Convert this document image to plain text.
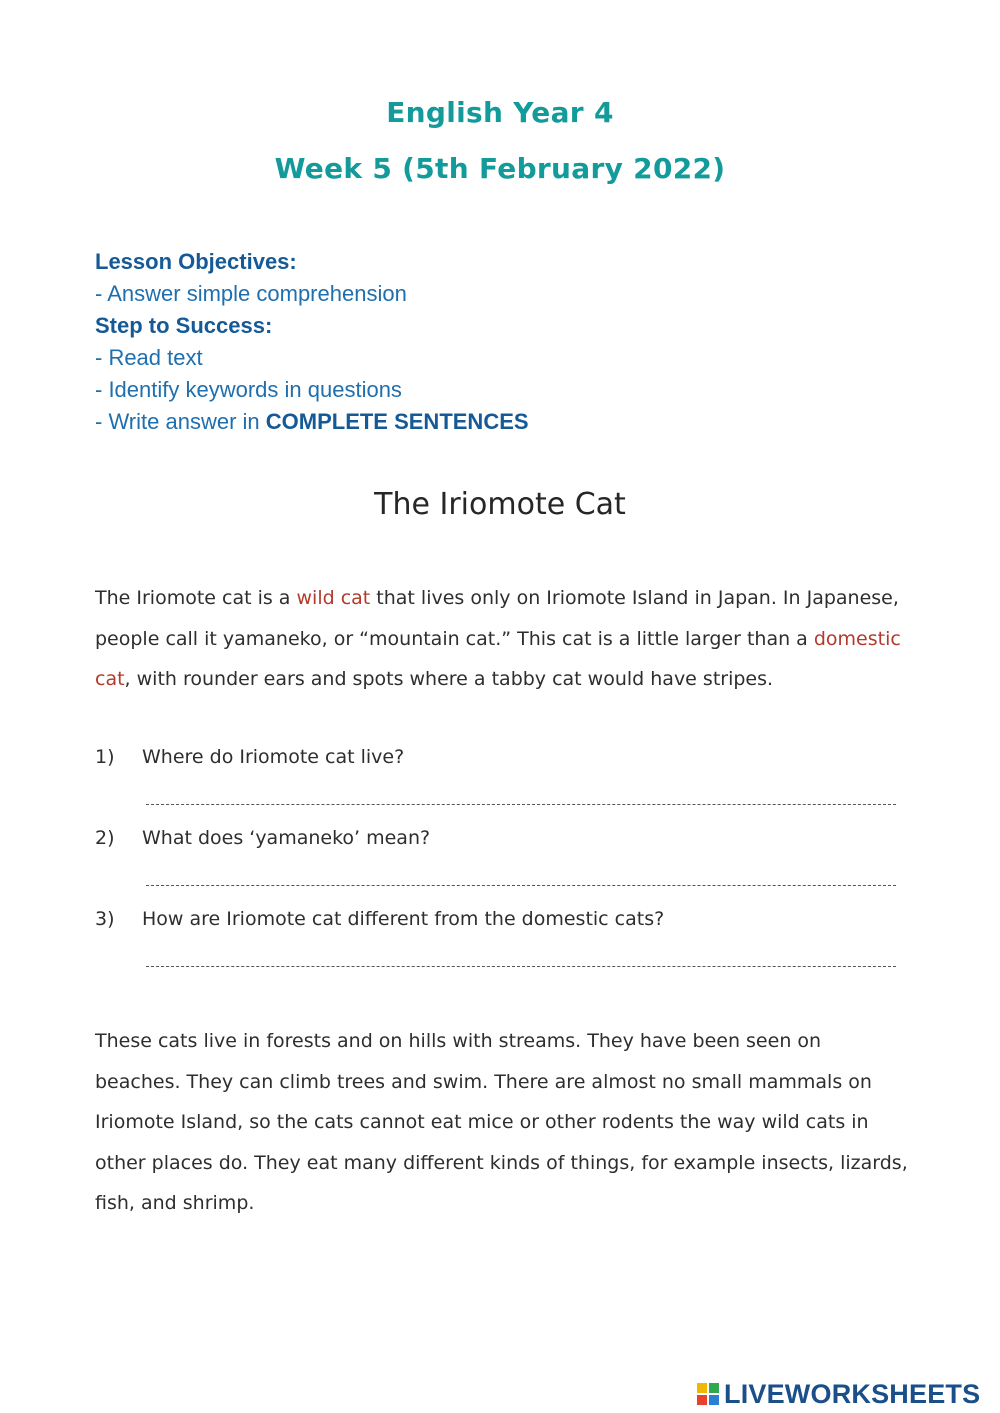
English Year 4
Week 5 (5th February 2022)
Lesson Objectives:
- Answer simple comprehension
Step to Success:
- Read text
- Identify keywords in questions
- Write answer in COMPLETE SENTENCES
The Iriomote Cat

The Iriomote cat is a wild cat that lives only on Iriomote Island in Japan. In Japanese, people call it yamaneko, or “mountain cat.” This cat is a little larger than a domestic cat, with rounder ears and spots where a tabby cat would have stripes.

1) Where do Iriomote cat live?
2) What does ‘yamaneko’ mean?
3) How are Iriomote cat different from the domestic cats?

These cats live in forests and on hills with streams. They have been seen on beaches. They can climb trees and swim. There are almost no small mammals on Iriomote Island, so the cats cannot eat mice or other rodents the way wild cats in other places do. They eat many different kinds of things, for example insects, lizards, fish, and shrimp.

LIVEWORKSHEETS
